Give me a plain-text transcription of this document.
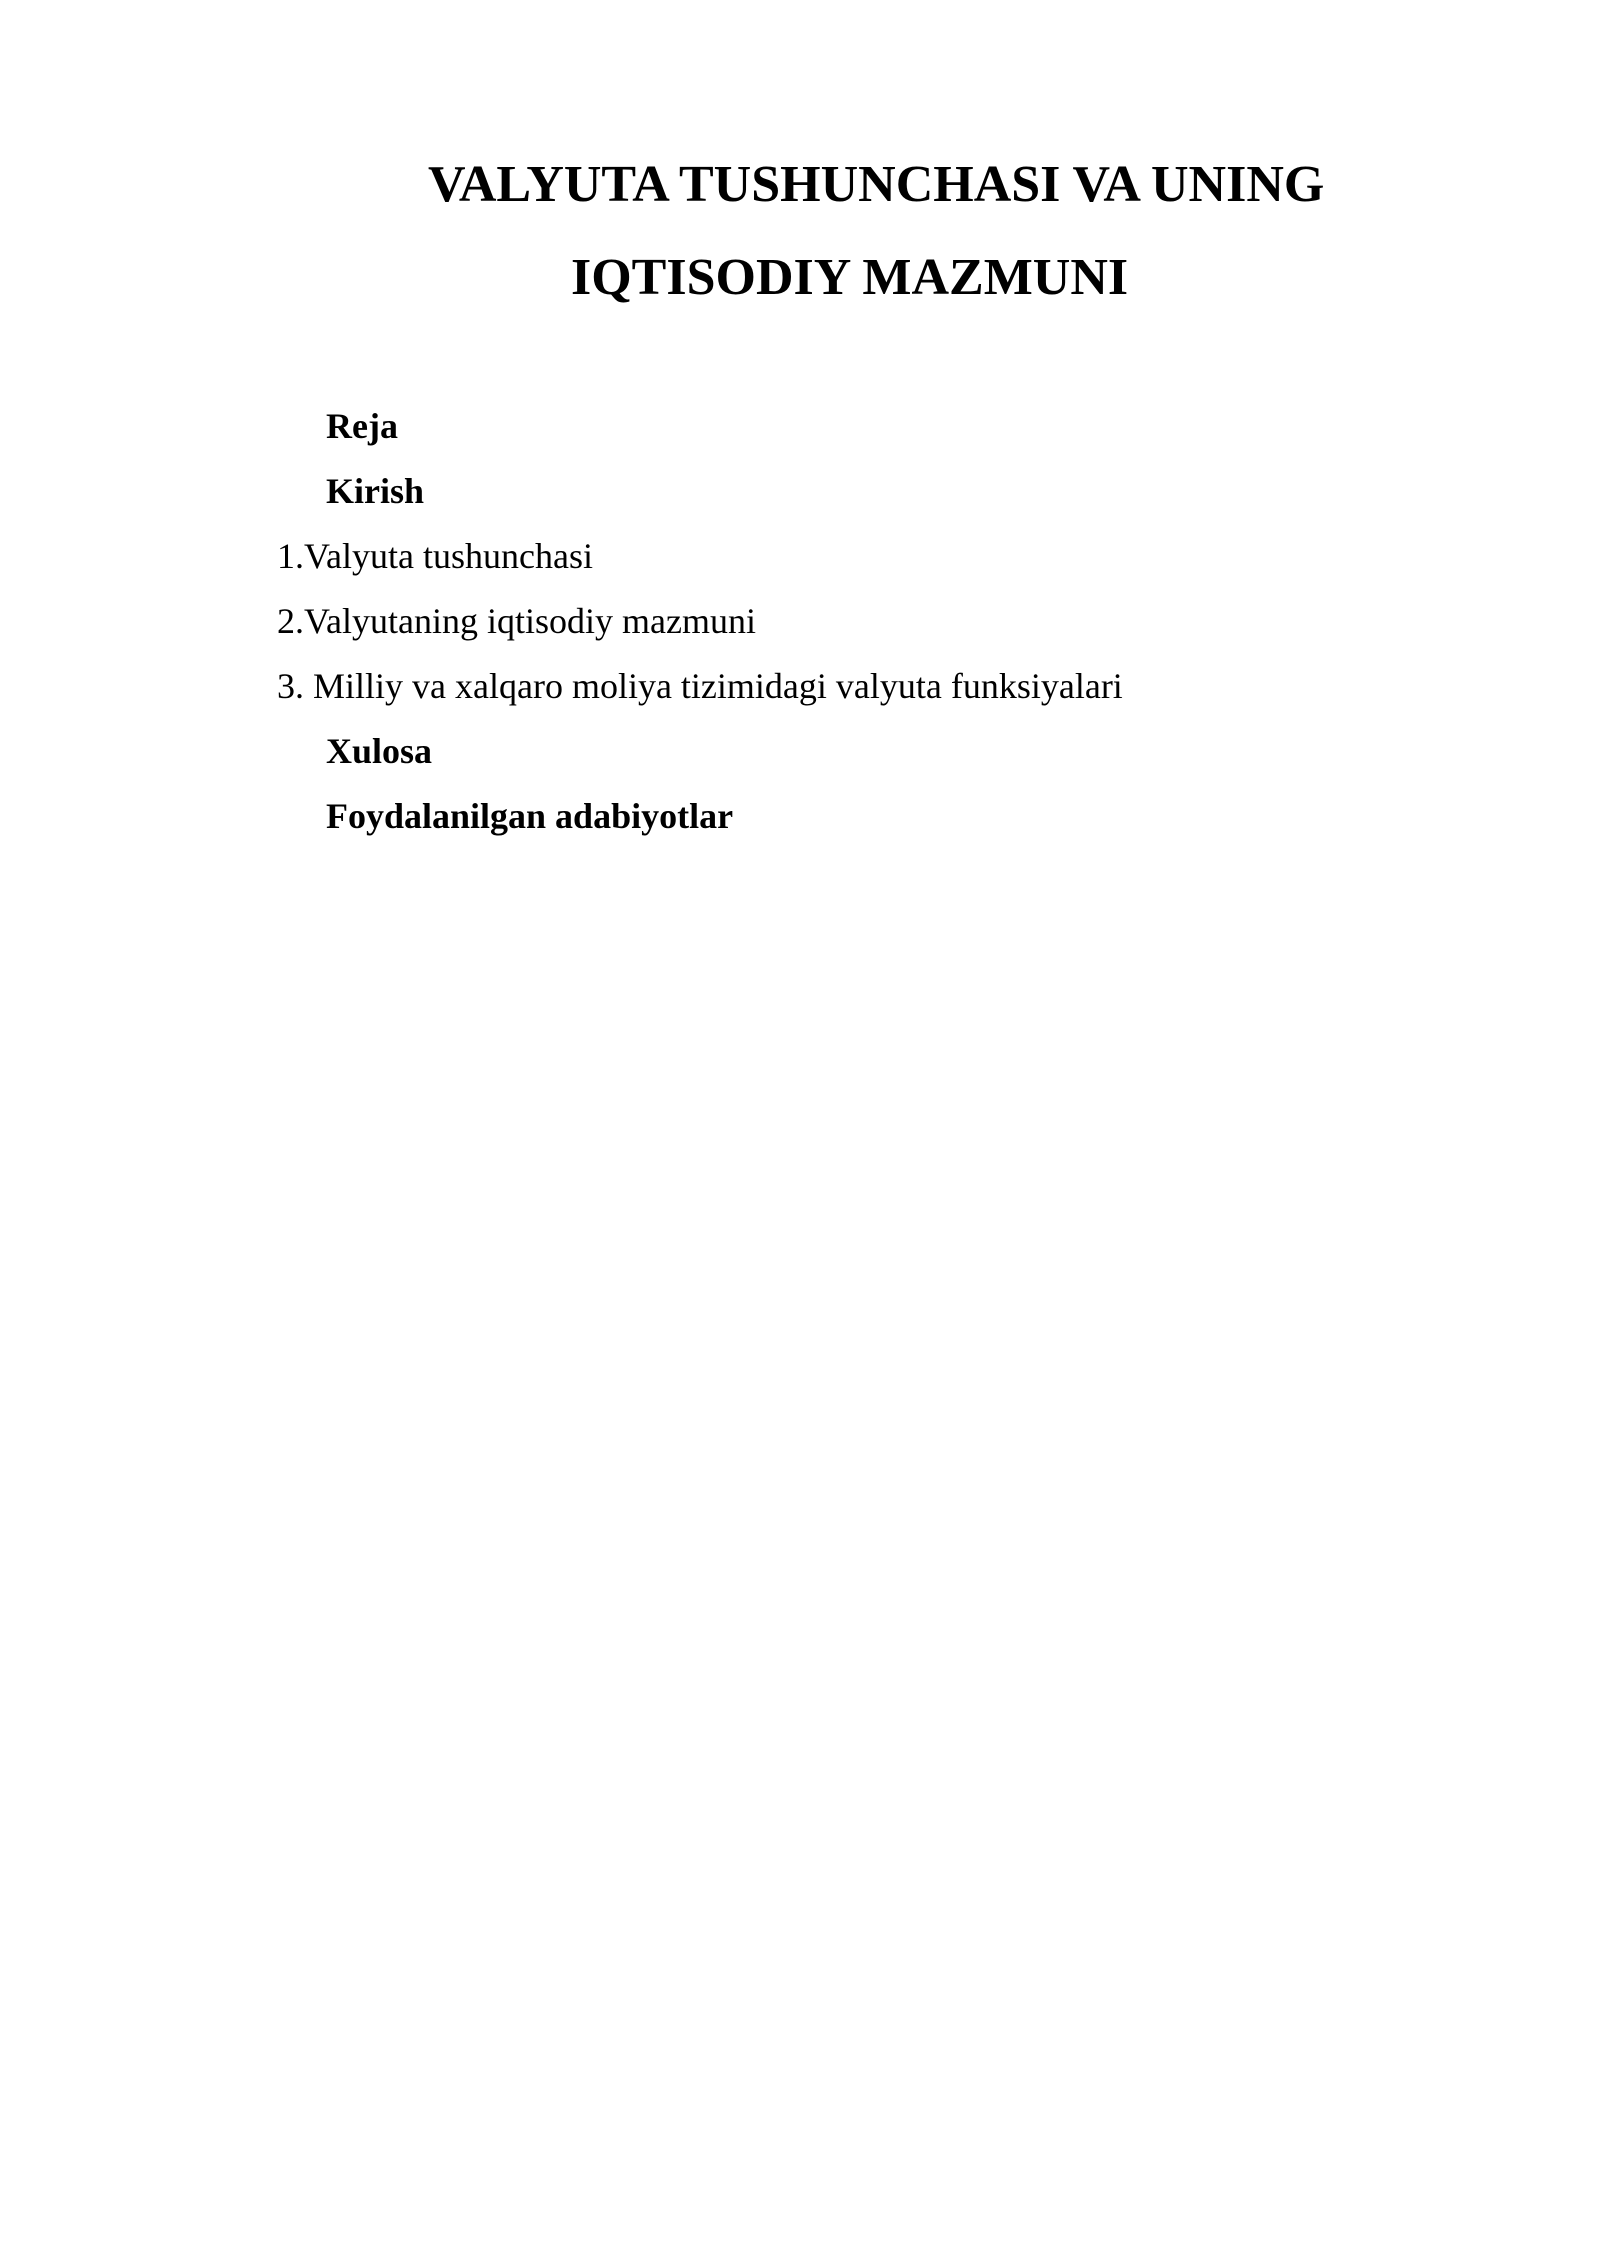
VALYUTA TUSHUNCHASI VA UNING
IQTISODIY MAZMUNI

Reja

Kirish

1.Valyuta tushunchasi

2.Valyutaning iqtisodiy mazmuni

3. Milliy va xalqaro moliya tizimidagi valyuta funksiyalari

Xulosa

Foydalanilgan adabiyotlar
